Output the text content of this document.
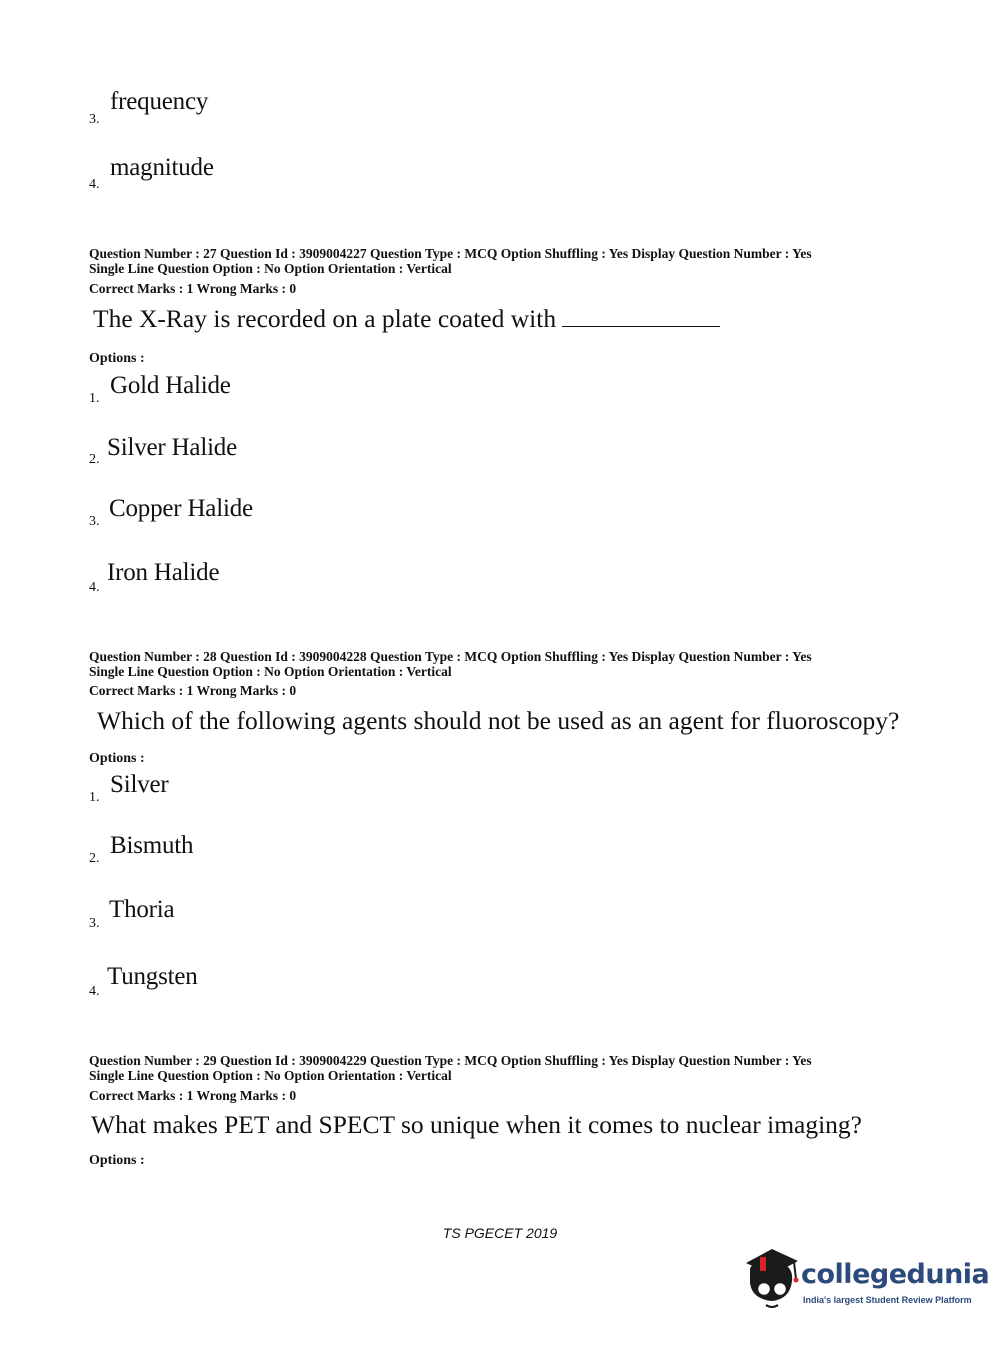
3.
frequency
4.
magnitude
Question Number : 27 Question Id : 3909004227 Question Type : MCQ Option Shuffling : Yes Display Question Number : Yes
Single Line Question Option : No Option Orientation : Vertical
Correct Marks : 1 Wrong Marks : 0
The X-Ray is recorded on a plate coated with
Options :
1. Gold Halide
2. Silver Halide
3. Copper Halide
4.
Iron Halide
Question Number : 28 Question Id : 3909004228 Question Type : MCQ Option Shuffling : Yes Display Question Number : Yes
Single Line Question Option : No Option Orientation : Vertical
Correct Marks : 1 Wrong Marks : 0
Which of the following agents should not be used as an agent for fluoroscopy?
Options :
1. Silver
2. Bismuth
3.
Thoria
4.
Tungsten
Question Number : 29 Question Id : 3909004229 Question Type : MCQ Option Shuffling : Yes Display Question Number : Yes
Single Line Question Option : No Option Orientation : Vertical
Correct Marks : 1 Wrong Marks : 0
What makes PET and SPECT so unique when it comes to nuclear imaging?
Options :
TS PGECET 2019
collegedunia
India's largest Student Review Platform
